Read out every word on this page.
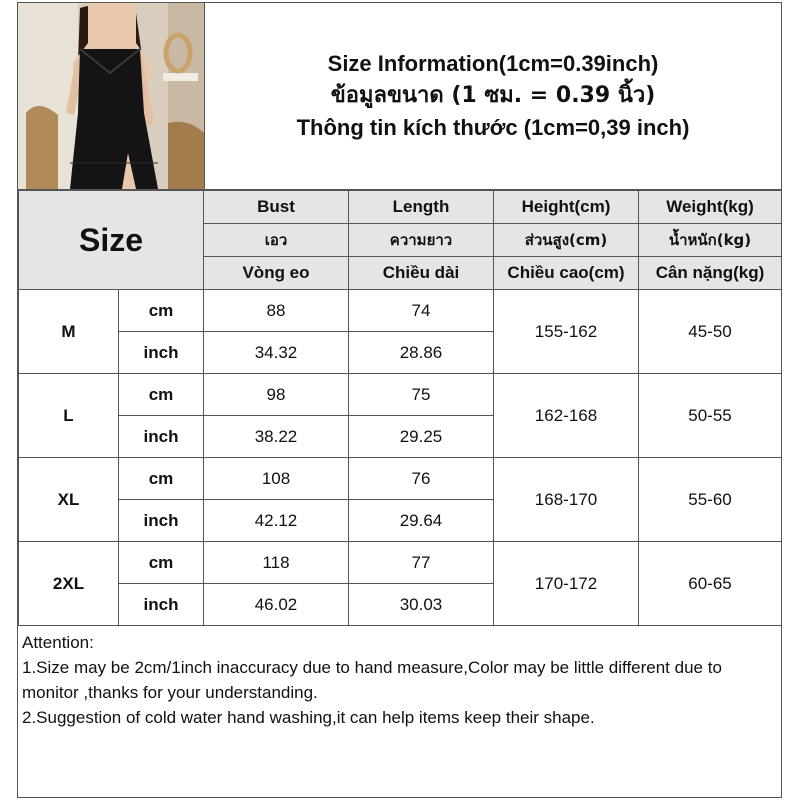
Size Information(1cm=0.39inch)
ข้อมูลขนาด (1 ซม. = 0.39 นิ้ว)
Thông tin kích thước (1cm=0,39 inch)
Size		Bust	Length	Height(cm)	Weight(kg)
		เอว	ความยาว	ส่วนสูง(cm)	น้ำหนัก(kg)
		Vòng eo	Chiều dài	Chiều cao(cm)	Cân nặng(kg)
M	cm	88	74	155-162	45-50
	inch	34.32	28.86		
L	cm	98	75	162-168	50-55
	inch	38.22	29.25		
XL	cm	108	76	168-170	55-60
	inch	42.12	29.64		
2XL	cm	118	77	170-172	60-65
	inch	46.02	30.03		

Attention:

1.Size may be 2cm/1inch inaccuracy due to hand measure,Color may be little different due to monitor ,thanks for your understanding.

2.Suggestion of cold water hand washing,it can help items keep their shape.
